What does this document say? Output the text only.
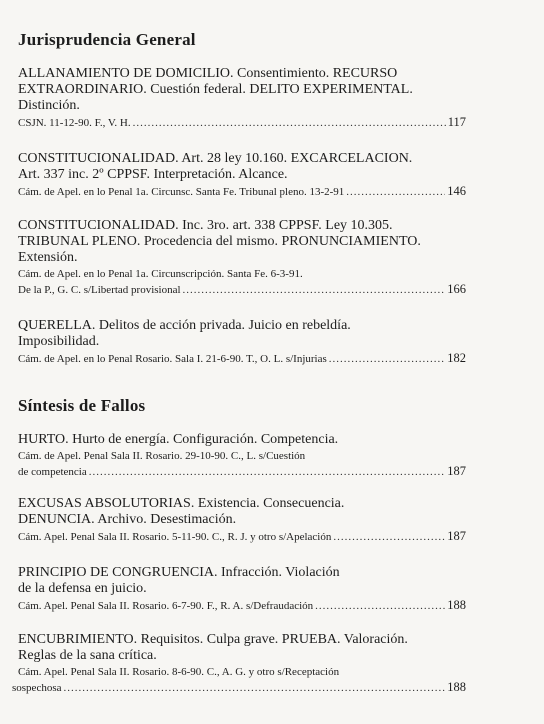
Jurisprudencia General
ALLANAMIENTO DE DOMICILIO. Consentimiento. RECURSO
EXTRAORDINARIO. Cuestión federal. DELITO EXPERIMENTAL.
Distinción.
CSJN. 11-12-90. F., V. H. .....	117
CONSTITUCIONALIDAD. Art. 28 ley 10.160. EXCARCELACION.
Art. 337 inc. 2º CPPSF. Interpretación. Alcance.
Cám. de Apel. en lo Penal 1a. Circunsc. Santa Fe. Tribunal pleno. 13-2-91 .....	146
CONSTITUCIONALIDAD. Inc. 3ro. art. 338 CPPSF. Ley 10.305.
TRIBUNAL PLENO. Procedencia del mismo. PRONUNCIAMIENTO.
Extensión.
Cám. de Apel. en lo Penal 1a. Circunscripción. Santa Fe. 6-3-91.
De la P., G. C. s/Libertad provisional .....	166
QUERELLA. Delitos de acción privada. Juicio en rebeldía.
Imposibilidad.
Cám. de Apel. en lo Penal Rosario. Sala I. 21-6-90. T., O. L. s/Injurias .....	182
Síntesis de Fallos
HURTO. Hurto de energía. Configuración. Competencia.
Cám. de Apel. Penal Sala II. Rosario. 29-10-90. C., L. s/Cuestión
de competencia .....	187
EXCUSAS ABSOLUTORIAS. Existencia. Consecuencia.
DENUNCIA. Archivo. Desestimación.
Cám. Apel. Penal Sala II. Rosario. 5-11-90. C., R. J. y otro s/Apelación .....	187
PRINCIPIO DE CONGRUENCIA. Infracción. Violación
de la defensa en juicio.
Cám. Apel. Penal Sala II. Rosario. 6-7-90. F., R. A. s/Defraudación .....	188
ENCUBRIMIENTO. Requisitos. Culpa grave. PRUEBA. Valoración.
Reglas de la sana crítica.
Cám. Apel. Penal Sala II. Rosario. 8-6-90. C., A. G. y otro s/Receptación
sospechosa .....	188
